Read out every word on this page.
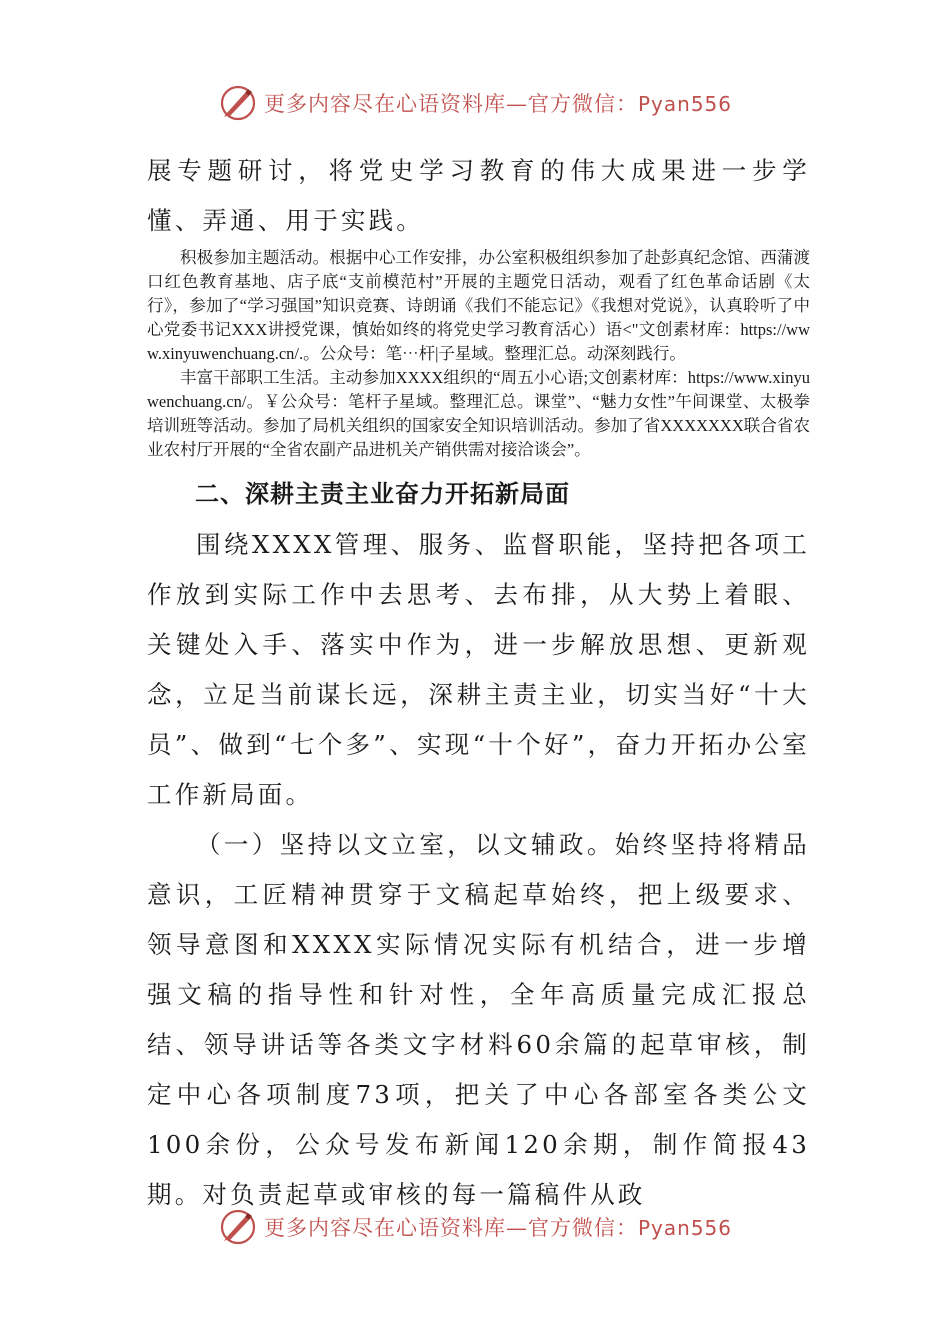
更多内容尽在心语资料库—官方微信：Pyan556

展专题研讨，将党史学习教育的伟大成果进一步学懂、弄通、用于实践。

积极参加主题活动。根据中心工作安排，办公室积极组织参加了赴彭真纪念馆、西蒲渡口红色教育基地、店子底“支前模范村”开展的主题党日活动，观看了红色革命话剧《太行》，参加了“学习强国”知识竞赛、诗朗诵《我们不能忘记》《我想对党说》，认真聆听了中心党委书记XXX讲授党课，慎始如终的将党史学习教育活心）语<"文创素材库：https://www.xinyuwenchuang.cn/.。公众号：笔⋯杆|子星域。整理汇总。动深刻践行。

丰富干部职工生活。主动参加XXXX组织的“周五小心语;文创素材库：https://www.xinyuwenchuang.cn/。￥公众号：笔杆子星域。整理汇总。课堂”、“魅力女性”午间课堂、太极拳培训班等活动。参加了局机关组织的国家安全知识培训活动。参加了省XXXXXXX联合省农业农村厅开展的“全省农副产品进机关产销供需对接洽谈会”。

二、深耕主责主业奋力开拓新局面

围绕XXXX管理、服务、监督职能，坚持把各项工作放到实际工作中去思考、去布排，从大势上着眼、关键处入手、落实中作为，进一步解放思想、更新观念，立足当前谋长远，深耕主责主业，切实当好“十大员”、做到“七个多”、实现“十个好”，奋力开拓办公室工作新局面。

（一）坚持以文立室，以文辅政。始终坚持将精品意识，工匠精神贯穿于文稿起草始终，把上级要求、领导意图和XXXX实际情况实际有机结合，进一步增强文稿的指导性和针对性，全年高质量完成汇报总结、领导讲话等各类文字材料60余篇的起草审核，制定中心各项制度73项，把关了中心各部室各类公文100余份，公众号发布新闻120余期，制作简报43期。对负责起草或审核的每一篇稿件从政

更多内容尽在心语资料库—官方微信：Pyan556
